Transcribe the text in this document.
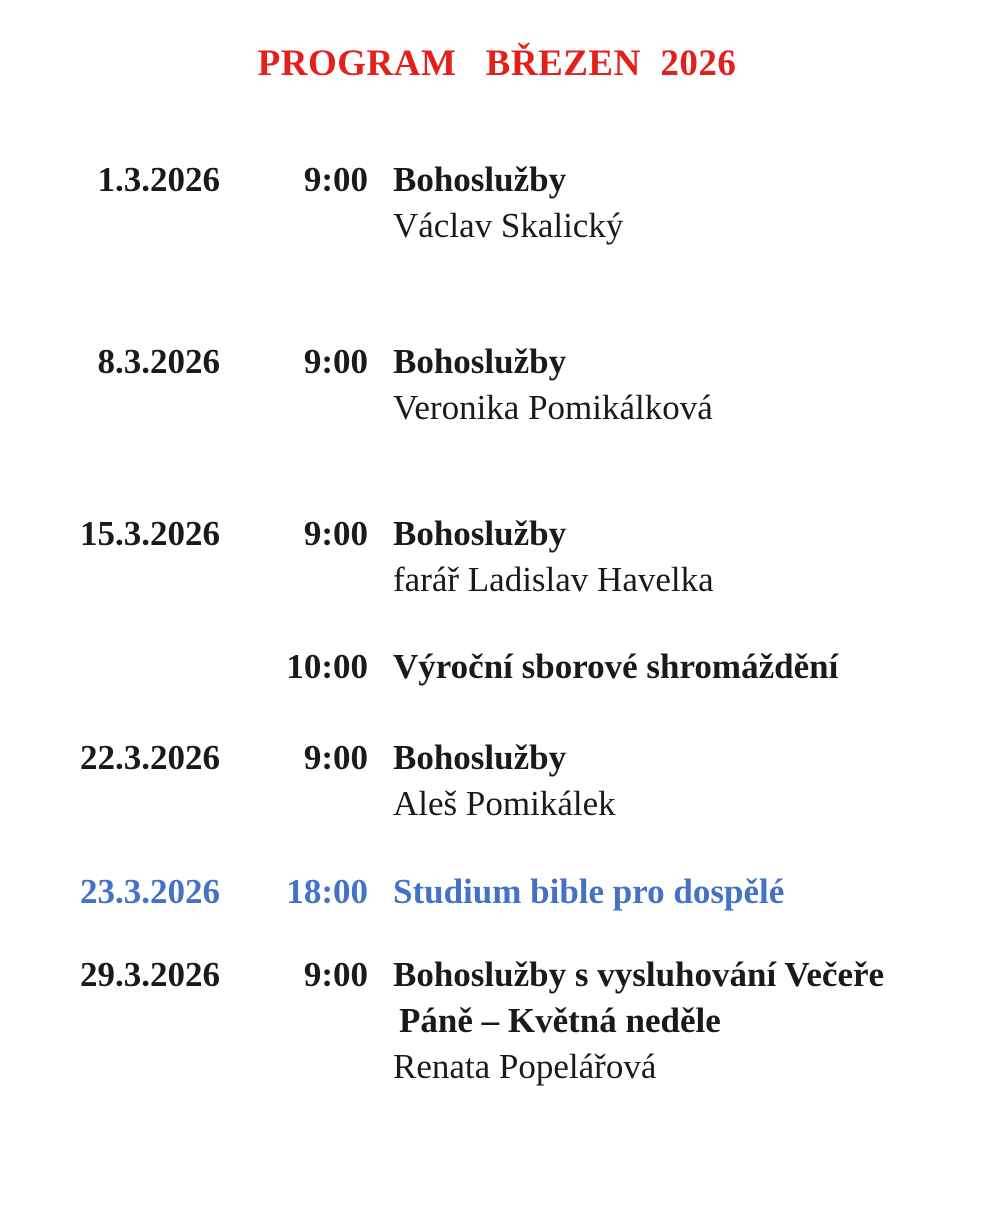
PROGRAM   BŘEZEN  2026
1.3.2026	9:00 Bohoslužby
Václav Skalický
8.3.2026	9:00 Bohoslužby
Veronika Pomikálková
15.3.2026	9:00 Bohoslužby
farář Ladislav Havelka
10:00 Výroční sborové shromáždění
22.3.2026	9:00 Bohoslužby
Aleš Pomikálek
23.3.2026	18:00 Studium bible pro dospělé
29.3.2026	9:00 Bohoslužby s vysluhování Večeře
Páně – Květná neděle
Renata Popelářová
